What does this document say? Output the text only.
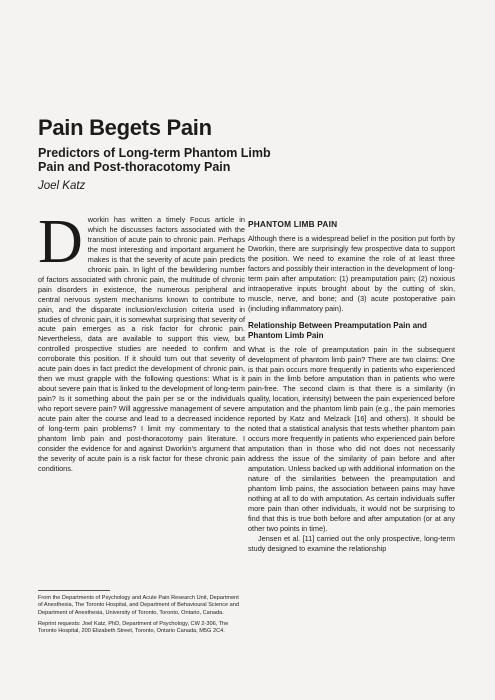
Pain Begets Pain
Predictors of Long-term Phantom Limb Pain and Post-thoracotomy Pain
Joel Katz

Dworkin has written a timely Focus article in which he discusses factors associated with the transition of acute pain to chronic pain. Perhaps the most interesting and important argument he makes is that the severity of acute pain predicts chronic pain. In light of the bewildering number of factors associated with chronic pain, the multitude of chronic pain disorders in existence, the numerous peripheral and central nervous system mechanisms known to contribute to pain, and the disparate inclusion/exclusion criteria used in studies of chronic pain, it is somewhat surprising that severity of acute pain emerges as a risk factor for chronic pain. Nevertheless, data are available to support this view, but controlled prospective studies are needed to confirm and corroborate this position. If it should turn out that severity of acute pain does in fact predict the development of chronic pain, then we must grapple with the following questions: What is it about severe pain that is linked to the development of long-term pain? Is it something about the pain per se or the individuals who report severe pain? Will aggressive management of severe acute pain alter the course and lead to a decreased incidence of long-term pain problems? I limit my commentary to the phantom limb pain and post-thoracotomy pain literature. I consider the evidence for and against Dworkin's argument that the severity of acute pain is a risk factor for these chronic pain conditions.

PHANTOM LIMB PAIN

Although there is a widespread belief in the position put forth by Dworkin, there are surprisingly few prospective data to support the position. We need to examine the role of at least three factors and possibly their interaction in the development of long-term pain after amputation: (1) preamputation pain; (2) noxious intraoperative inputs brought about by the cutting of skin, muscle, nerve, and bone; and (3) acute postoperative pain (including inflammatory pain).

Relationship Between Preamputation Pain and Phantom Limb Pain

What is the role of preamputation pain in the subsequent development of phantom limb pain? There are two claims: One is that pain occurs more frequently in patients who experienced pain in the limb before amputation than in patients who were pain-free. The second claim is that there is a similarity (in quality, location, intensity) between the pain experienced before amputation and the phantom limb pain (e.g., the pain memories reported by Katz and Melzack [16] and others). It should be noted that a statistical analysis that tests whether phantom pain occurs more frequently in patients who experienced pain before amputation than in those who did not does not necessarily address the issue of the similarity of pain before and after amputation. Unless backed up with additional information on the nature of the similarities between the preamputation and phantom limb pains, the association between pains may have nothing at all to do with amputation. As certain individuals suffer more pain than other individuals, it would not be surprising to find that this is true both before and after amputation (or at any other two points in time).

Jensen et al. [11] carried out the only prospective, long-term study designed to examine the relationship

From the Departments of Psychology and Acute Pain Research Unit, Department of Anesthesia, The Toronto Hospital, and Department of Behavioural Science and Department of Anesthesia, University of Toronto, Toronto, Ontario, Canada.

Reprint requests: Joel Katz, PhD, Department of Psychology, CW 2-306, The Toronto Hospital, 200 Elizabeth Street, Toronto, Ontario Canada, M5G 2C4.
